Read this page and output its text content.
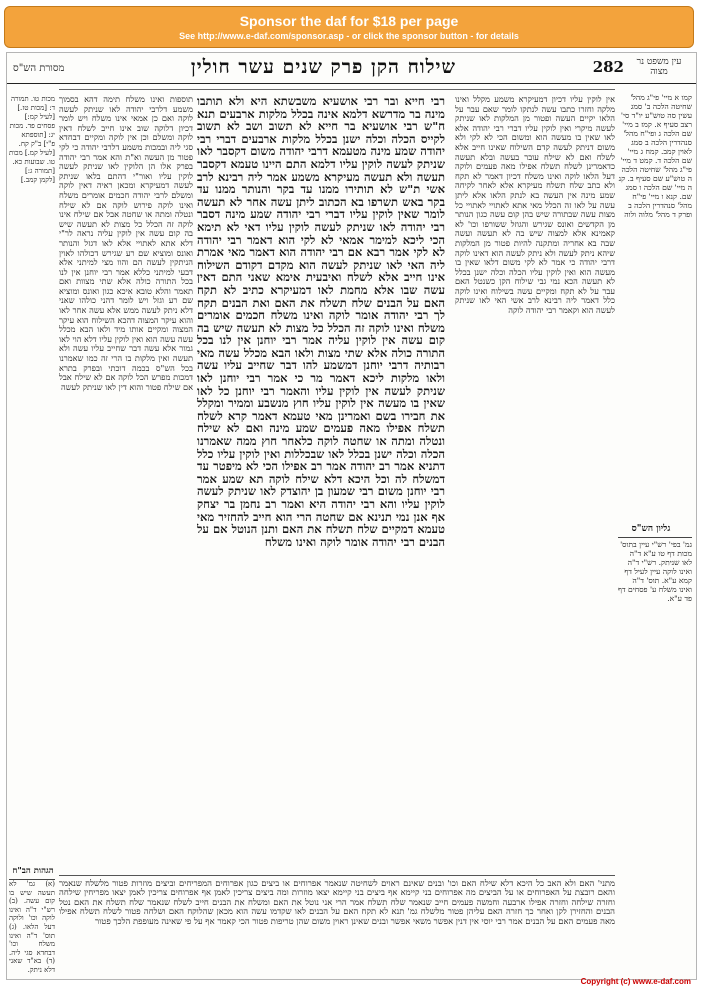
Sponsor the daf for $18 per page
See http://www.e-daf.com/sponsor.asp - or click the sponsor button - for details
282
שילוח הקן פרק שנים עשר חולין
מסורת הש"ס
עין משפט נר מצוה
מכות טו. תמורה ד: [מכות טז.] [לעיל קמ:] פסחים פד. מכות יג: [תוספתא פ"י] ב"ק קח. [לעיל קמ.] מכות טו. שבועות כא. [תמורה ג:] [לקמן קמב.]
תוספות ואינו משלח תימה דהא בסמוך משמע דלרבי יהודה לאו שניתק לעשה לוקה ואם כן אמאי אינו משלח ויש לומר דכיון דלוקה שוב אינו חייב לשלח דאין לוקה ומשלם וכן אין לוקה ומקיים דבחדא סגי ליה ובמכות משמע דלרבי יהודה כי לקי פטור מן העשה וא"ת והא אמר רבי יהודה בפרק אלו הן הלוקין לאו שניתק לעשה לוקין עליו ואור"י דהתם בלאו שניתק לעשה דמעיקרא ומכאן ראיה דאין לוקה ומשלם לרבי יהודה חכמים אומרים משלח ואינו לוקה פירוש לוקה אם לא שילח ונטלה ומתה או שחטה אבל אם שילח אינו לוקה זה הכלל כל מצות לא תעשה שיש בה קום עשה אין לוקין עליה נראה לר"י דלא אתא לאתויי אלא לאו דגזל והנותר ואונס ומוציא שם רע שגירש דכולהו לאוין הניתקין לעשה הם והוו מצי למיתני אלא דבעי למיתני כללא אמר רבי יוחנן אין לנו בכל התורה כולה אלא שתי מצוות ואם תאמר והלא טובא איכא כגון ואונס ומוציא שם רע וגזל ויש לומר דהני כולהו שאני דלא ניתק לעשה ממש אלא עשה אחר לאו והוא עיקר המצוה דהכא השילוח הוא עיקר המצוה ומקיים אותו מיד ולאו הבא מכלל עשה עשה הוא ואין לוקין עליו דלא הוי לאו גמור אלא עשה דבר שחייב עליו עשה ולא תעשה ואין מלקות בו הרי זה כמו שאמרנו בכל הש"ס בכמה דוכתי ובפרק בתרא דמכות מפרש הכל לוקה אם לא שילח אבל אם שילח פטור והוא דין לאו שניתק לעשה
רבי חייא ובר רבי אושעיא משבשתא היא ולא תותבו מינה בר מדרשא דלמא אינה בכלל מלקות ארבעים תנא ח"ש רבי אושעיא בר חייא לא תשוב ושב לא תשוב לקייס הכלה וכלה ישנן בכלל מלקות ארבעים דברי רבי יהודה שמע מינה מטעמא דרבי יהודה משום דקסבר לאו שניתק לעשה לוקין עליו דלמא התם היינו טעמא דקסבר תעשה ולא תעשה מעיקרא משמע אמר ליה רבינא לרב אשי ת"ש לא תותירו ממנו עד בקר והנותר ממנו עד בקר באש תשרפו בא הכתוב ליתן עשה אחר לא תעשה לומר שאין לוקין עליו דברי רבי יהודה שמע מינה דסבר רבי יהודה לאו שניתק לעשה לוקין עליו דאי לא תימא הכי ליכא למימר אמאי לא לקי הוא דאמר רבי יהודה לא לקי אמר רבא אם רבי יהודה הוא דאמר מאי אמרת ליה האי לאו שניתק לעשה הוא מקדם דקודם השילוח אינו חייב אלא לשלח ואיבעית אימא שאני התם דאין עשה שבו אלא מחמת לאו דמעיקרא כתיב לא תקח האם על הבנים שלח תשלח את האם ואת הבנים תקח לך רבי יהודה אומר לוקה ואינו משלח חכמים אומרים משלח ואינו לוקה זה הכלל כל מצות לא תעשה שיש בה קום עשה אין לוקין עליה אמר רבי יוחנן אין לנו בכל התורה כולה אלא שתי מצות ולאו הבא מכלל עשה מאי רבותיה דרבי יוחנן דמשמע להו דבר שחייב עליו עשה ולאו מלקות ליכא דאמר מר כי אמר רבי יוחנן לאו שניתק לעשה אין לוקין עליו והאמר רבי יוחנן כל לאו שאין בו מעשה אין לוקין עליו חוץ מנשבע וממיר ומקלל את חבירו בשם ואמרינן מאי טעמא דאמר קרא לשלח תשלח אפילו מאה פעמים שמע מינה ואם לא שילח ונטלה ומתה או שחטה לוקה כלאחר חוץ ממה שאמרנו הכלה וכלה ישנן בכלל לאו שבכללות ואין לוקין עליו כלל דתניא אמר רב יהודה אמר רב אפילו הכי לא מיפטר עד דמשלח לה וכל היכא דלא שילח לוקה תא שמע אמר רבי יוחנן משום רבי שמעון בן יהוצדק לאו שניתק לעשה לוקין עליו והא רבי יהודה היא ואמר רב נחמן בר יצחק אף אנן נמי תנינא אם שחטה הרי הוא חייב להחזיר מאי טעמא דמקיים שלח תשלח את האם ותנן הנוטל אם על הבנים רבי יהודה אומר לוקה ואינו משלח
אין לוקין עליו דכיון דמעיקרא משמע מקלל ואינו מלקה וחזרו כתבו עשה לנתקו לומר שאם עבר על הלאו יקיים העשה ופטור מן המלקות לאו שניתק לעשה מיקרי ואין לוקין עליו דברי רבי יהודה אלא לאו שאין בו מעשה הוא ומשום הכי לא לקי ולא משום דניתק לעשה קדם השילוח שאינו חייב אלא לשלח ואם לא שילח עובר בעשה ובלא תעשה כדאמרינן לשלח תשלח אפילו מאה פעמים ולוקה דעל הלאו לוקה ואינו משלח דכיון דאמר לא תקח ולא כתב שלח תשלח מעיקרא אלא לאחר לקיחה שמע מינה אין העשה בא לנתק הלאו אלא ליתן עשה על לאו זה הכלל מאי אתא לאתויי לאתויי כל מצות עשה שבתורה שיש בהן קום עשה כגון הנותר מן הקדשים ואונס שגירש והגוזל ששורפו וכו' לא קאמינא אלא למצוה שיש בה לא תעשה ועשה שבה בא אחריה ומתקנה להיות פטור מן המלקות שיהא ניתק לעשה ולא ניתק לעשה הוא דאינו לוקה דרבי יהודה כי אמר לא לקי משום דלאו שאין בו מעשה הוא ואין לוקין עליו הכלה וכלה ישנן בכלל לא תעשה הכא נמי גבי שילוח הקן כשנטל האם עבר על לא תקח ומקיים עשה בשילוח ואינו לוקה כלל דאמר ליה רבינא לרב אשי האי לאו שניתק לעשה הוא וקאמר רבי יהודה לוקה
קמו א מיי' פי"ג מהל' שחיטה הלכה ב' סמג עשין סה טוש"ע יו"ד סי' רצב סעיף א. קמז ב מיי' שם הלכה ג ופי"ח מהל' סנהדרין הלכה ב סמג לאוין קמב. קמח ג מיי' שם הלכה ד. קמט ד מיי' פי"ג מהל' שחיטה הלכה ה טוש"ע שם סעיף ב. קנ ה מיי' שם הלכה ו סמג שם. קנא ו מיי' פי"ח מהל' סנהדרין הלכה ב ופרק ד מהל' מלוה ולוה
גליון הש"ס
גמ' בפי' רש"י עיין בתוס' מכות דף טו ע"א ד"ה לאו שניתק. רש"י ד"ה ואינו לוקה עיין לעיל דף קמא ע"א. תוס' ד"ה ואינו משלח ע' פסחים דף פד ע"א.
מתני' האם ולא האב כל היכא דלא שילח האם וכו' ובנים שאינם ראוים לשחיטה שנאמר אפרוחים או ביצים כגון אפרוחים המפריחים וביצים מוזרות פטור מלשלח שנאמר והאם רובצת על האפרוחים או על הביצים מה אפרוחים בני קיימא אף ביצים בני קיימא יצאו מוזרות ומה ביצים צריכין לאמן אף אפרוחים צריכין לאמן יצאו מפריחין שילחה וחזרה שילחה וחזרה אפילו ארבעה וחמשה פעמים חייב שנאמר שלח תשלח אמר הרי אני נוטל את האם ומשלח את הבנים חייב לשלח שנאמר שלח תשלח את האם נטל הבנים והחזירן לקן ואחר כך חזרה האם עליהן פטור מלשלח גמ' תנא לא תקח האם על הבנים לאו שקדמו עשה הוא מכאן שהלוקח האם ושלחה פטור לשלח תשלח אפילו מאה פעמים האם על הבנים אמר רבי יוסי אין דנין אפשר משאי אפשר ובנים שאינן ראוין משום שהן טריפות פטור הכי קאמר אף על פי שאינה מעופפת הלכך פטור
הגהות הב"ח
(א) גמ' לא תעשה שיש בו קום עשה. (ב) רש"י ד"ה ואינו לוקה וכו' ולוקה דעל הלאו. (ג) תוס' ד"ה ואינו משלח וכו' דבחדא סגי ליה. (ד) בא"ד שאני דלא ניתק.
Copyright (c) www.e-daf.com
